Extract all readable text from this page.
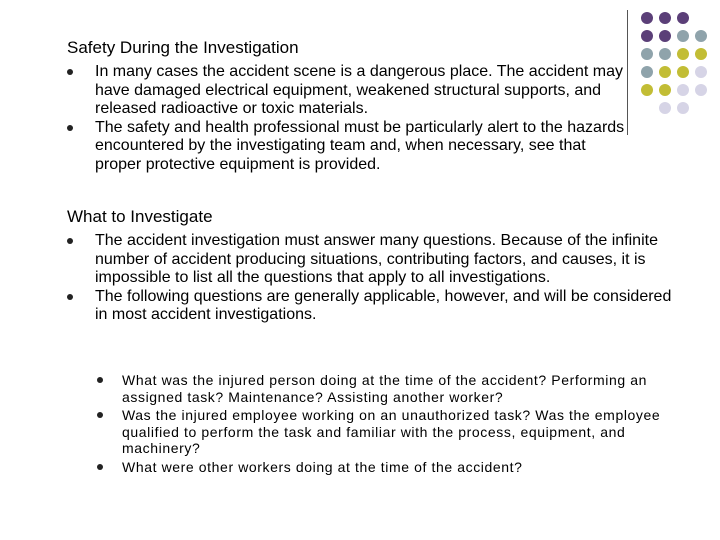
Safety During the Investigation
In many cases the accident scene is a dangerous place. The accident may have damaged electrical equipment, weakened structural supports, and released radioactive or toxic materials.
The safety and health professional must be particularly alert to the hazards encountered by the investigating team and, when necessary, see that proper protective equipment is provided.
What to Investigate
The accident investigation must answer many questions. Because of the infinite number of accident producing situations, contributing factors, and causes, it is impossible to list all the questions that apply to all investigations.
The following questions are generally applicable, however, and will be considered in most accident investigations.
What was the injured person doing at the time of the accident? Performing an assigned task? Maintenance? Assisting another worker?
Was the injured employee working on an unauthorized task? Was the employee qualified to perform the task and familiar with the process, equipment, and machinery?
What were other workers doing at the time of the accident?
